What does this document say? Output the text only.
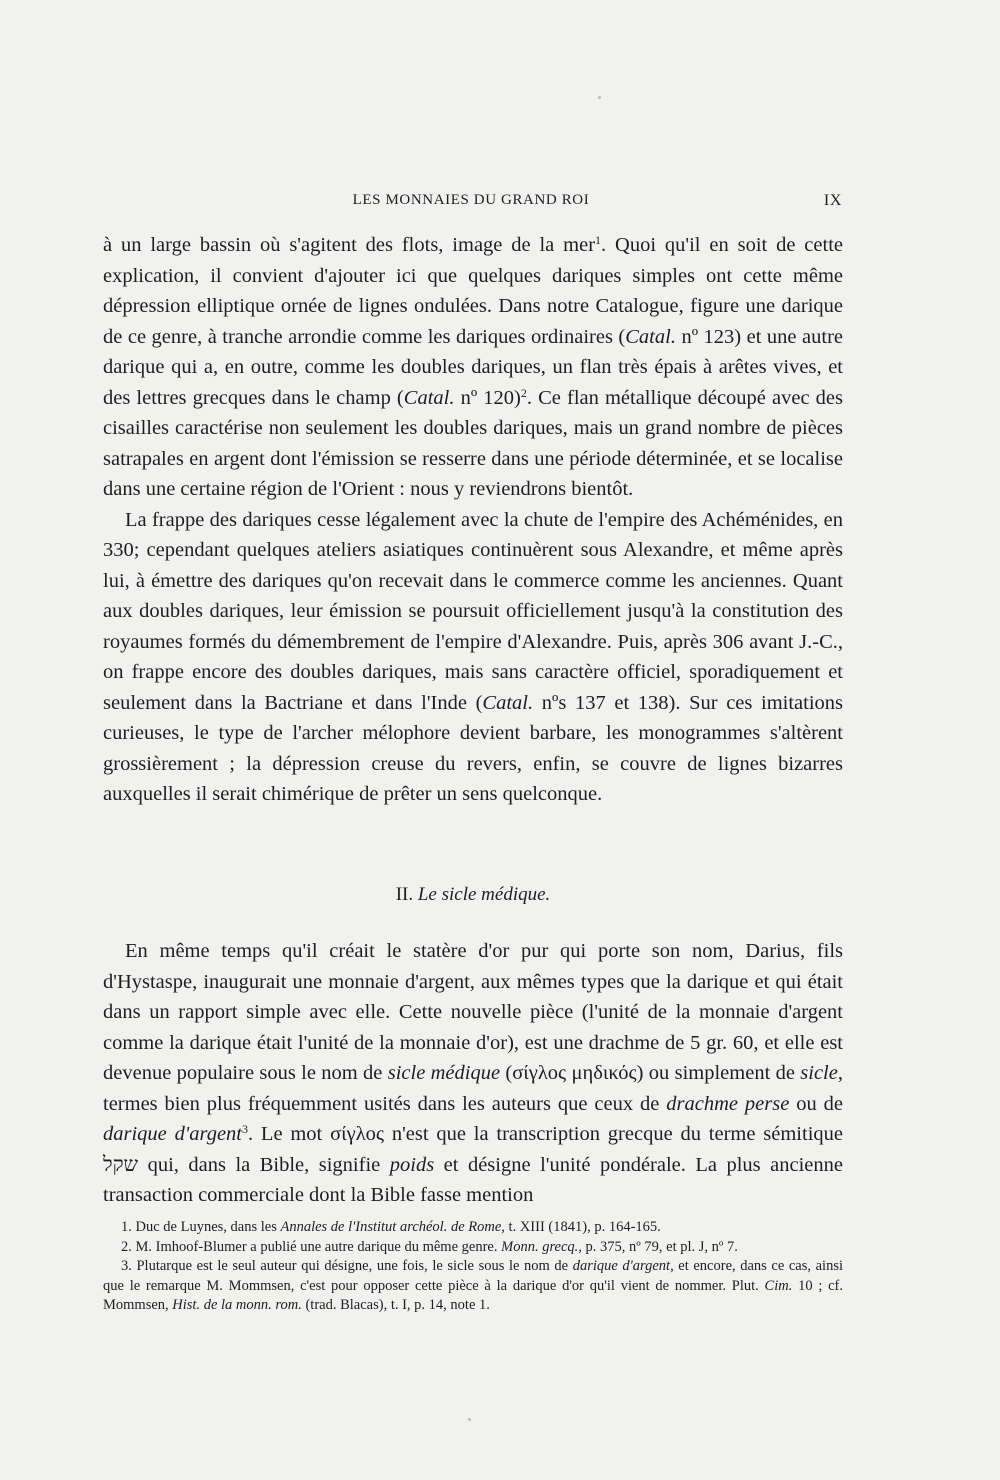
LES MONNAIES DU GRAND ROI	IX

à un large bassin où s'agitent des flots, image de la mer$^1$. Quoi qu'il en soit de cette explication, il convient d'ajouter ici que quelques dariques simples ont cette même dépression elliptique ornée de lignes ondulées. Dans notre Catalogue, figure une darique de ce genre, à tranche arrondie comme les dariques ordinaires (Catal. nº 123) et une autre darique qui a, en outre, comme les doubles dariques, un flan très épais à arêtes vives, et des lettres grecques dans le champ (Catal. nº 120)$^2$. Ce flan métallique découpé avec des cisailles caractérise non seulement les doubles dariques, mais un grand nombre de pièces satrapales en argent dont l'émission se resserre dans une période déterminée, et se localise dans une certaine région de l'Orient : nous y reviendrons bientôt.

La frappe des dariques cesse légalement avec la chute de l'empire des Achéménides, en 330; cependant quelques ateliers asiatiques continuèrent sous Alexandre, et même après lui, à émettre des dariques qu'on recevait dans le commerce comme les anciennes. Quant aux doubles dariques, leur émission se poursuit officiellement jusqu'à la constitution des royaumes formés du démembrement de l'empire d'Alexandre. Puis, après 306 avant J.-C., on frappe encore des doubles dariques, mais sans caractère officiel, sporadiquement et seulement dans la Bactriane et dans l'Inde (Catal. nºs 137 et 138). Sur ces imitations curieuses, le type de l'archer mélophore devient barbare, les monogrammes s'altèrent grossièrement ; la dépression creuse du revers, enfin, se couvre de lignes bizarres auxquelles il serait chimérique de prêter un sens quelconque.

II. Le sicle médique.

En même temps qu'il créait le statère d'or pur qui porte son nom, Darius, fils d'Hystaspe, inaugurait une monnaie d'argent, aux mêmes types que la darique et qui était dans un rapport simple avec elle. Cette nouvelle pièce (l'unité de la monnaie d'argent comme la darique était l'unité de la monnaie d'or), est une drachme de 5 gr. 60, et elle est devenue populaire sous le nom de sicle médique (σίγλος μηδικός) ou simplement de sicle, termes bien plus fréquemment usités dans les auteurs que ceux de drachme perse ou de darique d'argent$^3$. Le mot σίγλος n'est que la transcription grecque du terme sémitique שקל qui, dans la Bible, signifie poids et désigne l'unité pondérale. La plus ancienne transaction commerciale dont la Bible fasse mention

1. Duc de Luynes, dans les Annales de l'Institut archéol. de Rome, t. XIII (1841), p. 164-165.

2. M. Imhoof-Blumer a publié une autre darique du même genre. Monn. grecq., p. 375, nº 79, et pl. J, nº 7.

3. Plutarque est le seul auteur qui désigne, une fois, le sicle sous le nom de darique d'argent, et encore, dans ce cas, ainsi que le remarque M. Mommsen, c'est pour opposer cette pièce à la darique d'or qu'il vient de nommer. Plut. Cim. 10 ; cf. Mommsen, Hist. de la monn. rom. (trad. Blacas), t. I, p. 14, note 1.
